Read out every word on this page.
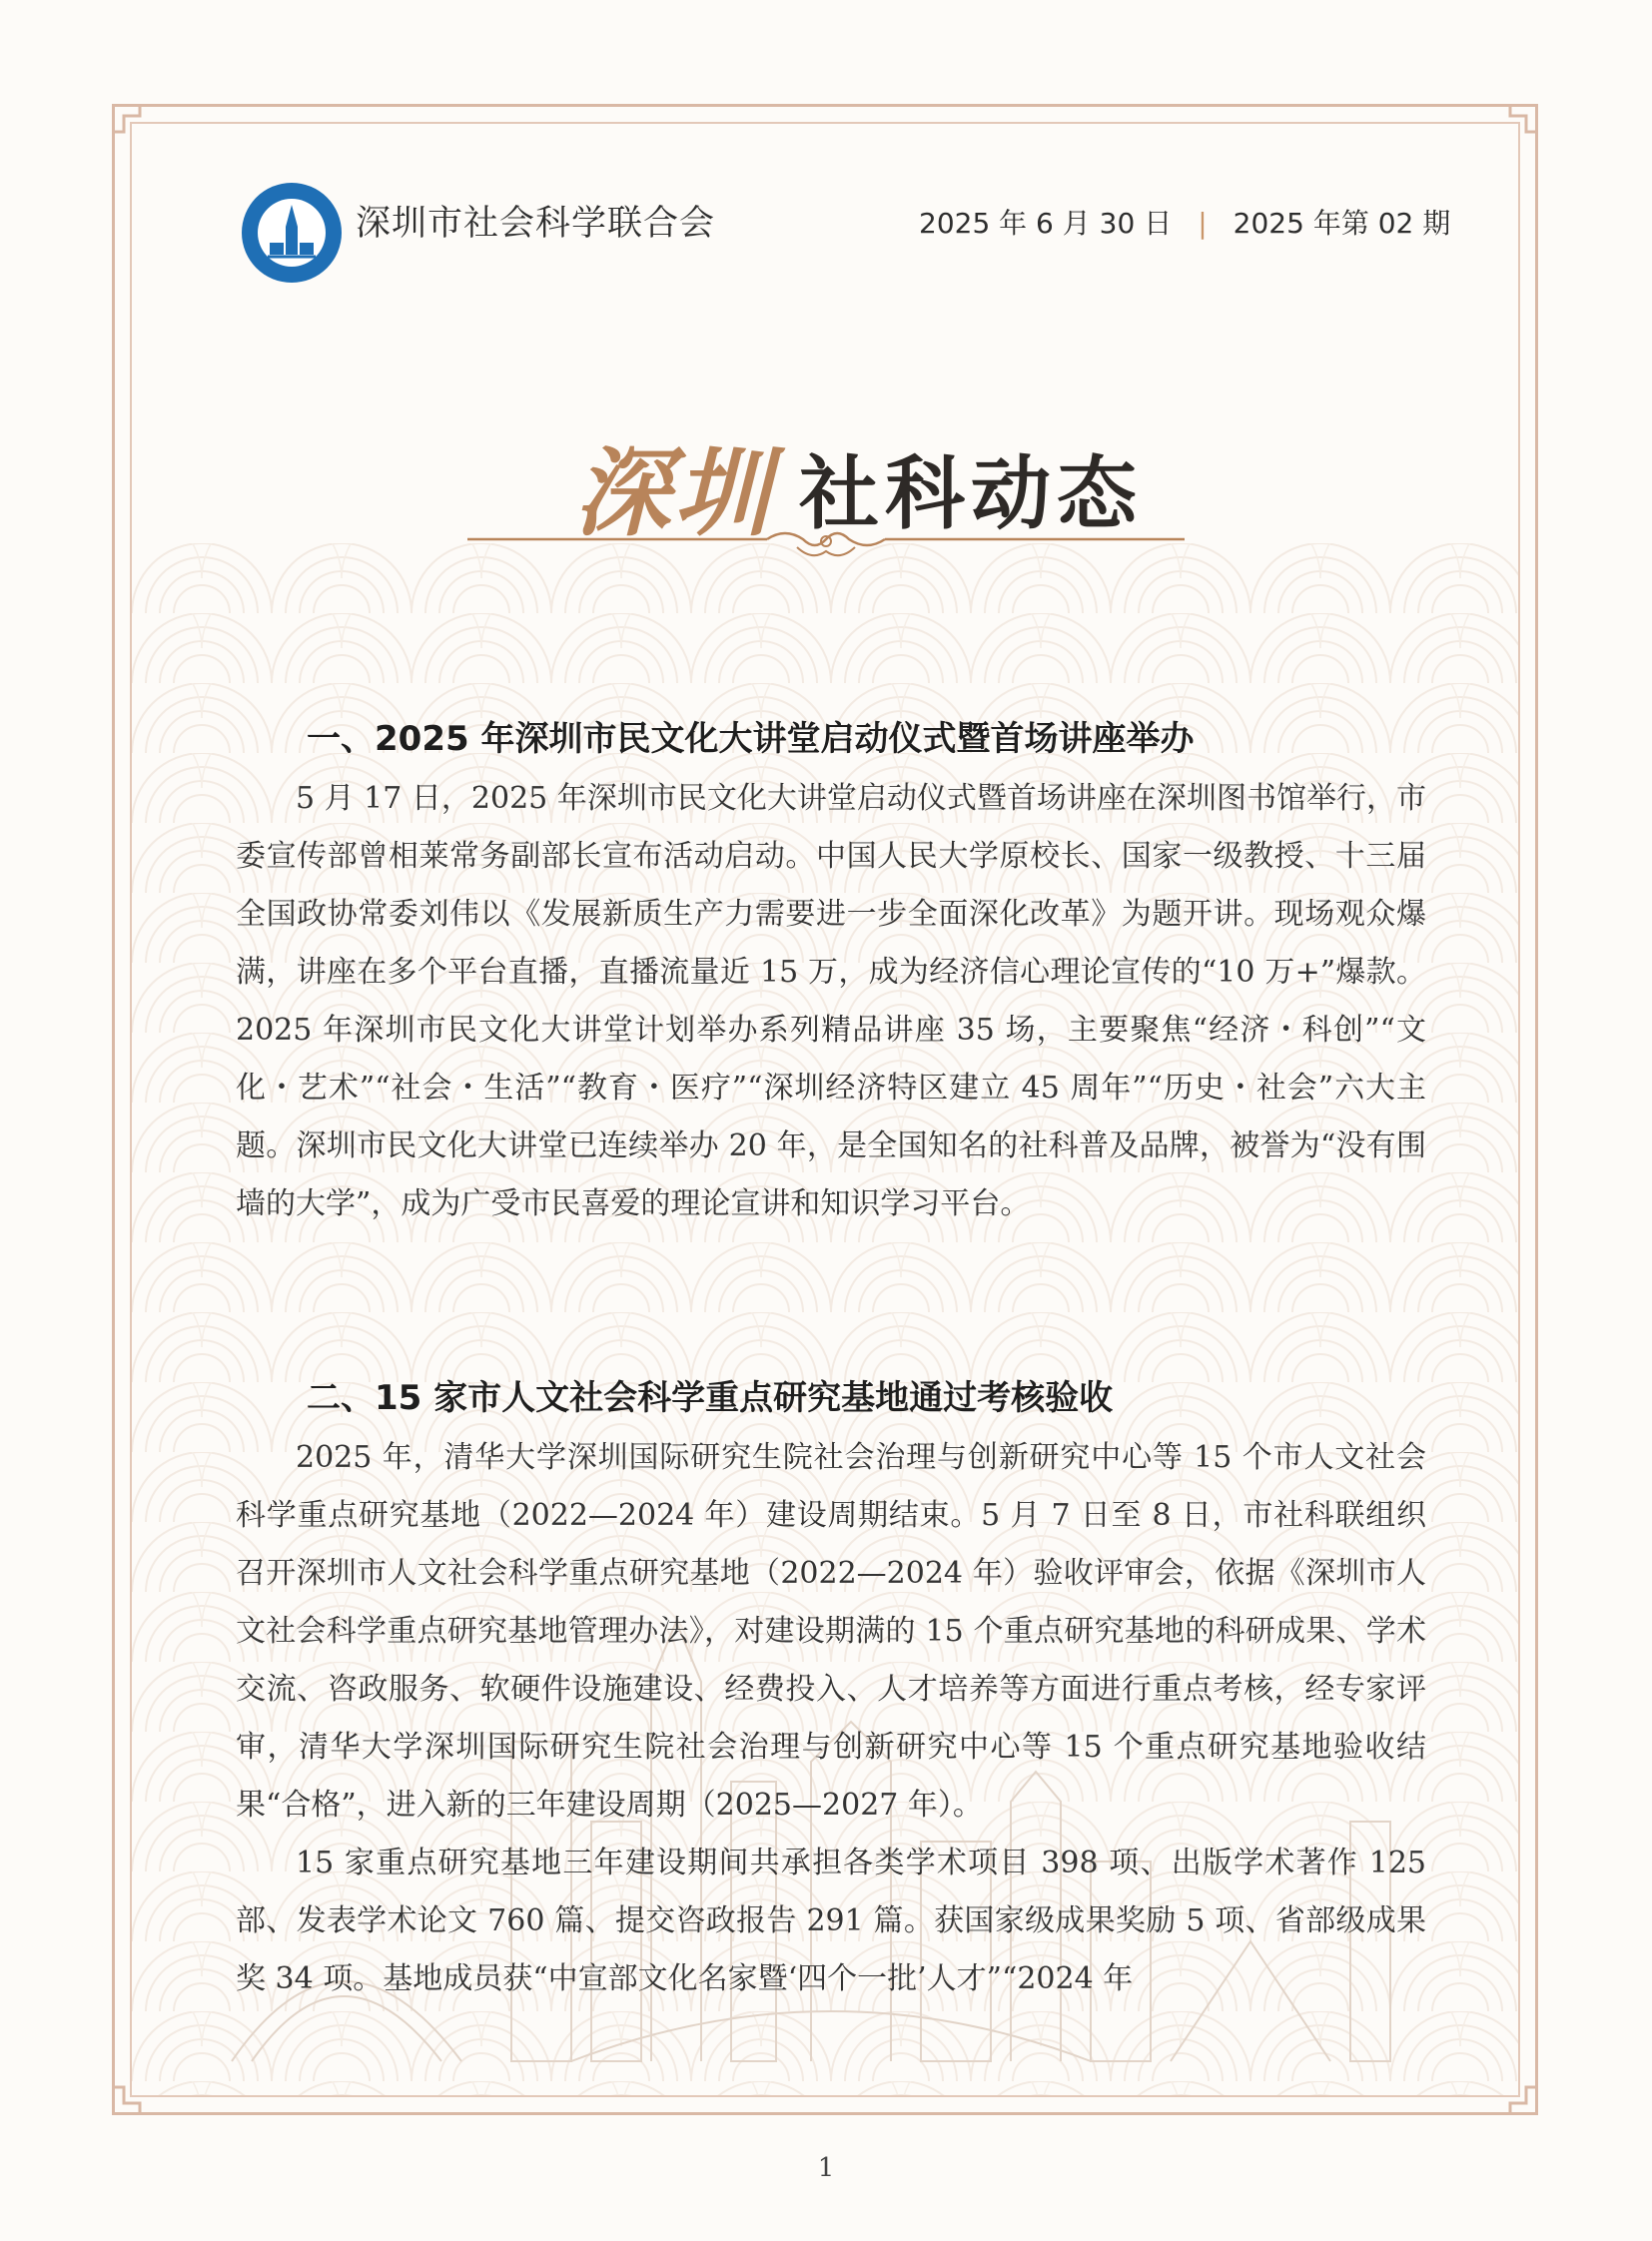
深圳市社会科学联合会	2025 年 6 月 30 日 | 2025 年第 02 期
深圳 社科动态
一、2025 年深圳市民文化大讲堂启动仪式暨首场讲座举办

5 月 17 日，2025 年深圳市民文化大讲堂启动仪式暨首场讲座在深圳图书馆举行，市委宣传部曾相莱常务副部长宣布活动启动。中国人民大学原校长、国家一级教授、十三届全国政协常委刘伟以《发展新质生产力需要进一步全面深化改革》为题开讲。现场观众爆满，讲座在多个平台直播，直播流量近 15 万，成为经济信心理论宣传的“10 万+”爆款。2025 年深圳市民文化大讲堂计划举办系列精品讲座 35 场，主要聚焦“经济・科创”“文化・艺术”“社会・生活”“教育・医疗”“深圳经济特区建立 45 周年”“历史・社会”六大主题。深圳市民文化大讲堂已连续举办 20 年，是全国知名的社科普及品牌，被誉为“没有围墙的大学”，成为广受市民喜爱的理论宣讲和知识学习平台。

二、15 家市人文社会科学重点研究基地通过考核验收

2025 年，清华大学深圳国际研究生院社会治理与创新研究中心等 15 个市人文社会科学重点研究基地（2022—2024 年）建设周期结束。5 月 7 日至 8 日，市社科联组织召开深圳市人文社会科学重点研究基地（2022—2024 年）验收评审会，依据《深圳市人文社会科学重点研究基地管理办法》，对建设期满的 15 个重点研究基地的科研成果、学术交流、咨政服务、软硬件设施建设、经费投入、人才培养等方面进行重点考核，经专家评审，清华大学深圳国际研究生院社会治理与创新研究中心等 15 个重点研究基地验收结果“合格”，进入新的三年建设周期（2025—2027 年）。

15 家重点研究基地三年建设期间共承担各类学术项目 398 项、出版学术著作 125 部、发表学术论文 760 篇、提交咨政报告 291 篇。获国家级成果奖励 5 项、省部级成果奖 34 项。基地成员获“中宣部文化名家暨‘四个一批’人才”“2024 年

1
